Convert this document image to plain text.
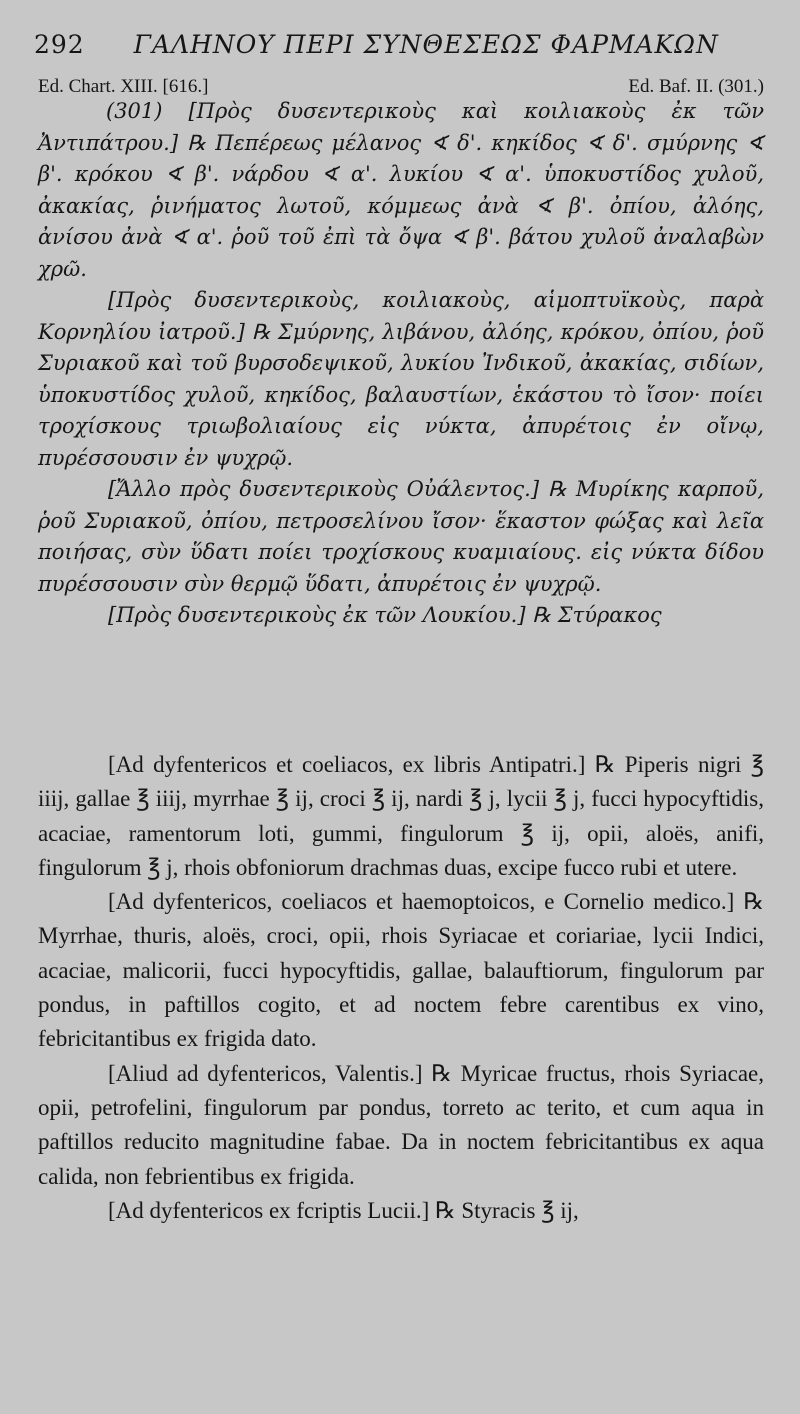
292 ΓΑΛΗΝΟΥ ΠΕΡΙ ΣΥΝΘΕΣΕΩΣ ΦΑΡΜΑΚΩΝ
Ed. Chart. XIII. [616.]	Ed. Baf. II. (301.)

(301) [Πρὸς δυσεντερικοὺς καὶ κοιλιακοὺς ἐκ τῶν Ἀντιπάτρου.] ℞ Πεπέρεως μέλανος ∢ δ'. κηκίδος ∢ δ'. σμύρνης ∢ β'. κρόκου ∢ β'. νάρδου ∢ α'. λυκίου ∢ α'. ὑποκυστίδος χυλοῦ, ἀκακίας, ῥινήματος λωτοῦ, κόμμεως ἀνὰ ∢ β'. ὀπίου, ἀλόης, ἀνίσου ἀνὰ ∢ α'. ῥοῦ τοῦ ἐπὶ τὰ ὄψα ∢ β'. βάτου χυλοῦ ἀναλαβὼν χρῶ.

[Πρὸς δυσεντερικοὺς, κοιλιακοὺς, αἱμοπτυϊκοὺς, παρὰ Κορνηλίου ἰατροῦ.] ℞ Σμύρνης, λιβάνου, ἀλόης, κρόκου, ὀπίου, ῥοῦ Συριακοῦ καὶ τοῦ βυρσοδεψικοῦ, λυκίου Ἰνδικοῦ, ἀκακίας, σιδίων, ὑποκυστίδος χυλοῦ, κηκίδος, βαλαυστίων, ἑκάστου τὸ ἴσον· ποίει τροχίσκους τριωβολιαίους εἰς νύκτα, ἀπυρέτοις ἐν οἴνῳ, πυρέσσουσιν ἐν ψυχρῷ.

[Ἄλλο πρὸς δυσεντερικοὺς Οὐάλεντος.] ℞ Μυρίκης καρποῦ, ῥοῦ Συριακοῦ, ὀπίου, πετροσελίνου ἴσον· ἕκαστον φώξας καὶ λεῖα ποιήσας, σὺν ὕδατι ποίει τροχίσκους κυαμιαίους. εἰς νύκτα δίδου πυρέσσουσιν σὺν θερμῷ ὕδατι, ἀπυρέτοις ἐν ψυχρῷ.

[Πρὸς δυσεντερικοὺς ἐκ τῶν Λουκίου.] ℞ Στύρακος

[Ad dyfentericos et coeliacos, ex libris Antipatri.] ℞ Piperis nigri ℥ iiij, gallae ℥ iiij, myrrhae ℥ ij, croci ℥ ij, nardi ℥ j, lycii ℥ j, fucci hypocyftidis, acaciae, ramentorum loti, gummi, fingulorum ℥ ij, opii, aloës, anifi, fingulorum ℥ j, rhois obfoniorum drachmas duas, excipe fucco rubi et utere.

[Ad dyfentericos, coeliacos et haemoptoicos, e Cornelio medico.] ℞ Myrrhae, thuris, aloës, croci, opii, rhois Syriacae et coriariae, lycii Indici, acaciae, malicorii, fucci hypocyftidis, gallae, balauftiorum, fingulorum par pondus, in paftillos cogito, et ad noctem febre carentibus ex vino, febricitantibus ex frigida dato.

[Aliud ad dyfentericos, Valentis.] ℞ Myricae fructus, rhois Syriacae, opii, petrofelini, fingulorum par pondus, torreto ac terito, et cum aqua in paftillos reducito magnitudine fabae. Da in noctem febricitantibus ex aqua calida, non febrientibus ex frigida.

[Ad dyfentericos ex fcriptis Lucii.] ℞ Styracis ℥ ij,
